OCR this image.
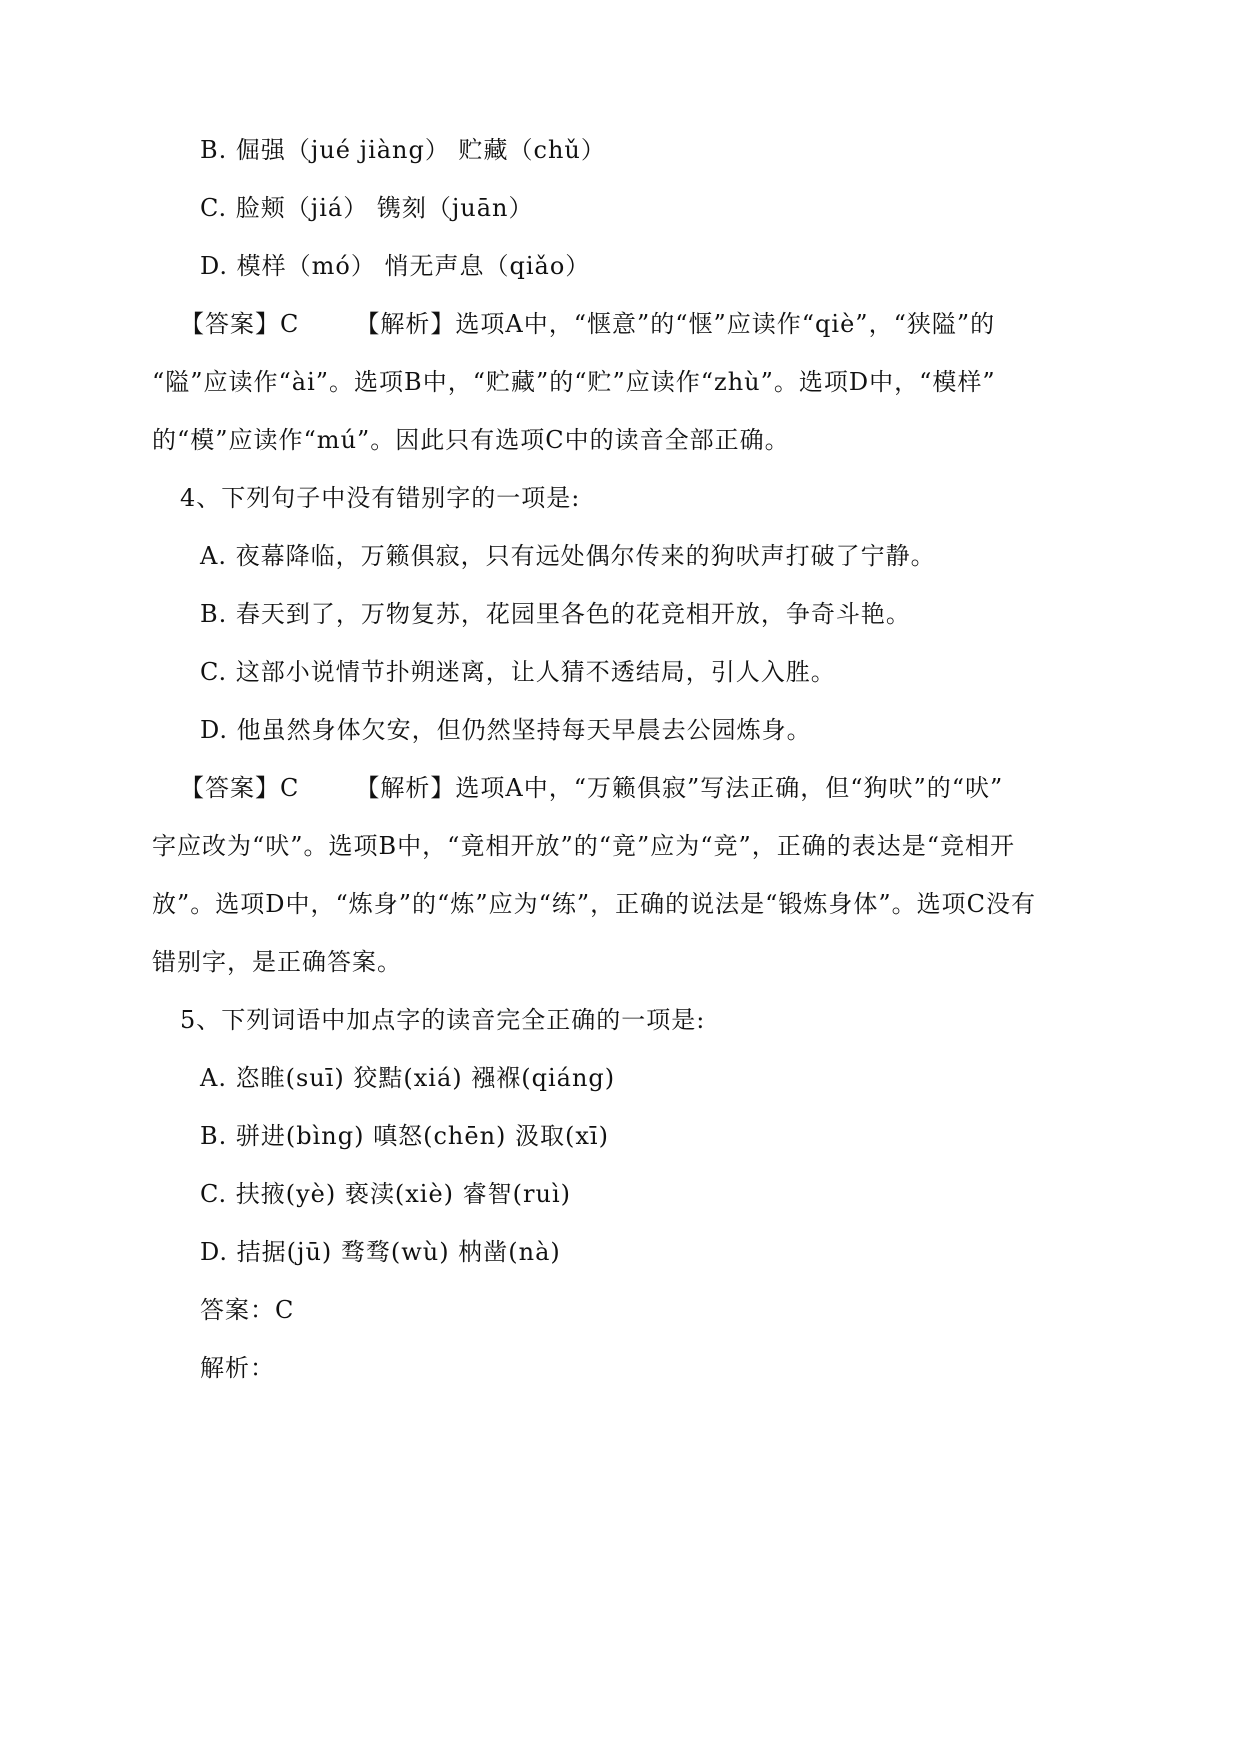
B. 倔强（jué jiàng） 贮藏（chǔ）
C. 脸颊（jiá） 镌刻（juān）
D. 模样（mó） 悄无声息（qiǎo）
【答案】C 【解析】选项A中，“惬意”的“惬”应读作“qiè”，“狭隘”的
“隘”应读作“ài”。选项B中，“贮藏”的“贮”应读作“zhù”。选项D中，“模样”
的“模”应读作“mú”。因此只有选项C中的读音全部正确。
4、下列句子中没有错别字的一项是:
A. 夜幕降临，万籁俱寂，只有远处偶尔传来的狗吠声打破了宁静。
B. 春天到了，万物复苏，花园里各色的花竞相开放，争奇斗艳。
C. 这部小说情节扑朔迷离，让人猜不透结局，引人入胜。
D. 他虽然身体欠安，但仍然坚持每天早晨去公园炼身。
【答案】C 【解析】选项A中，“万籁俱寂”写法正确，但“狗吠”的“吠”
字应改为“吠”。选项B中，“竟相开放”的“竟”应为“竞”，正确的表达是“竞相开
放”。选项D中，“炼身”的“炼”应为“练”，正确的说法是“锻炼身体”。选项C没有
错别字，是正确答案。
5、下列词语中加点字的读音完全正确的一项是:
A. 恣睢(suī) 狡黠(xiá) 襁褓(qiáng)
B. 骈进(bìng) 嗔怒(chēn) 汲取(xī)
C. 扶掖(yè) 亵渎(xiè) 睿智(ruì)
D. 拮据(jū) 骛骛(wù) 枘凿(nà)
答案：C
解析：
